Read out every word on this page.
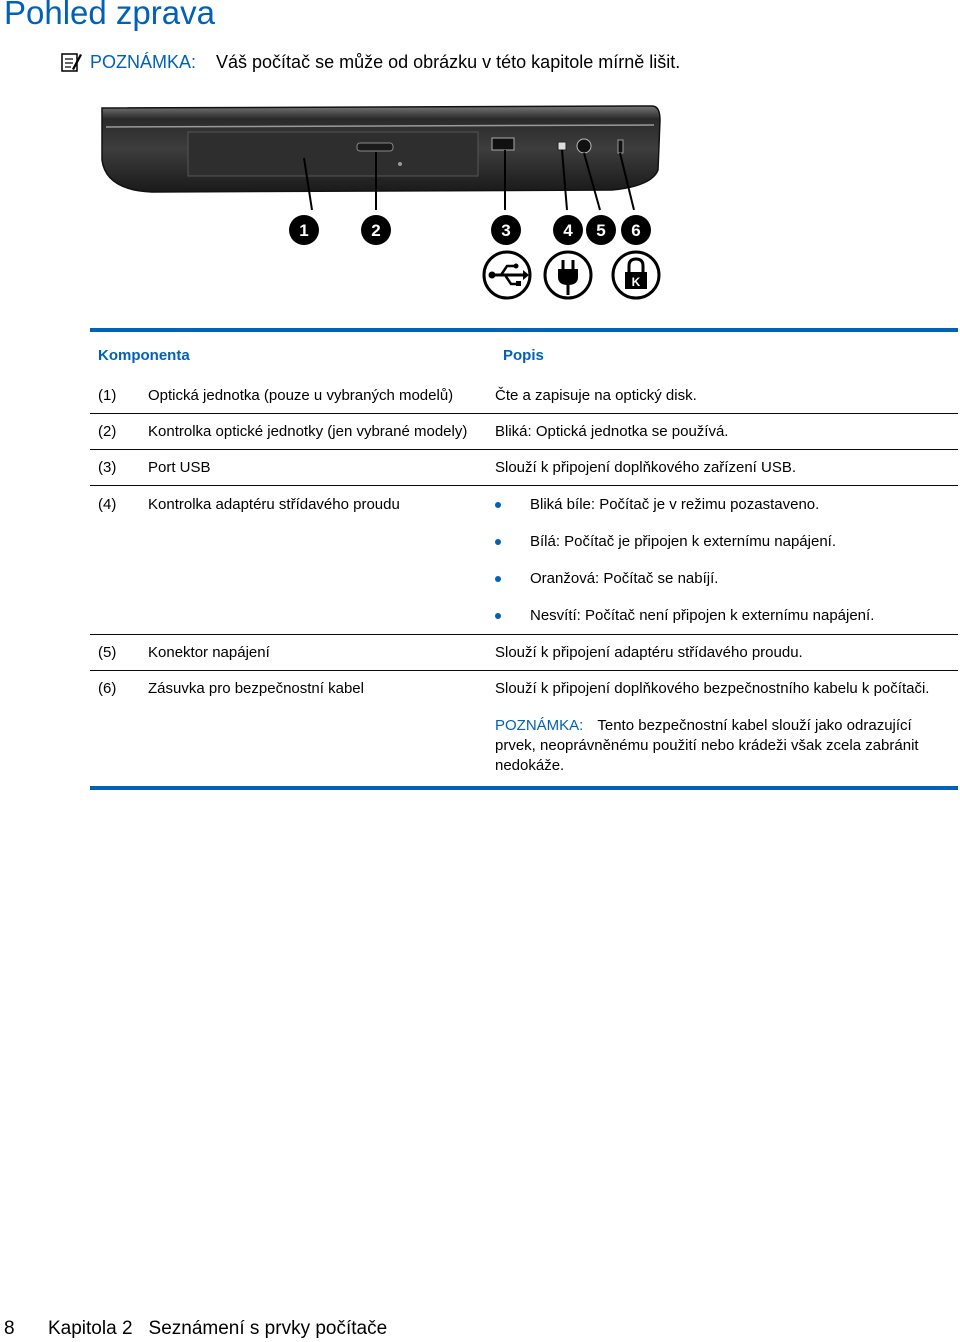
Pohled zprava
POZNÁMKA: Váš počítač se může od obrázku v této kapitole mírně lišit.
1	2	3	4 5 6
K
Komponenta	Popis
(1)	Optická jednotka (pouze u vybraných modelů)	Čte a zapisuje na optický disk.
(2)	Kontrolka optické jednotky (jen vybrané modely)	Bliká: Optická jednotka se používá.
(3)	Port USB	Slouží k připojení doplňkového zařízení USB.
(4)	Kontrolka adaptéru střídavého proudu	Bliká bíle: Počítač je v režimu pozastaveno.
Bílá: Počítač je připojen k externímu napájení.
Oranžová: Počítač se nabíjí.
Nesvítí: Počítač není připojen k externímu napájení.
(5)	Konektor napájení	Slouží k připojení adaptéru střídavého proudu.
(6)	Zásuvka pro bezpečnostní kabel	Slouží k připojení doplňkového bezpečnostního kabelu k počítači.
POZNÁMKA: Tento bezpečnostní kabel slouží jako odrazující prvek, neoprávněnému použití nebo krádeži však zcela zabránit nedokáže.
8	Kapitola 2 Seznámení s prvky počítače
